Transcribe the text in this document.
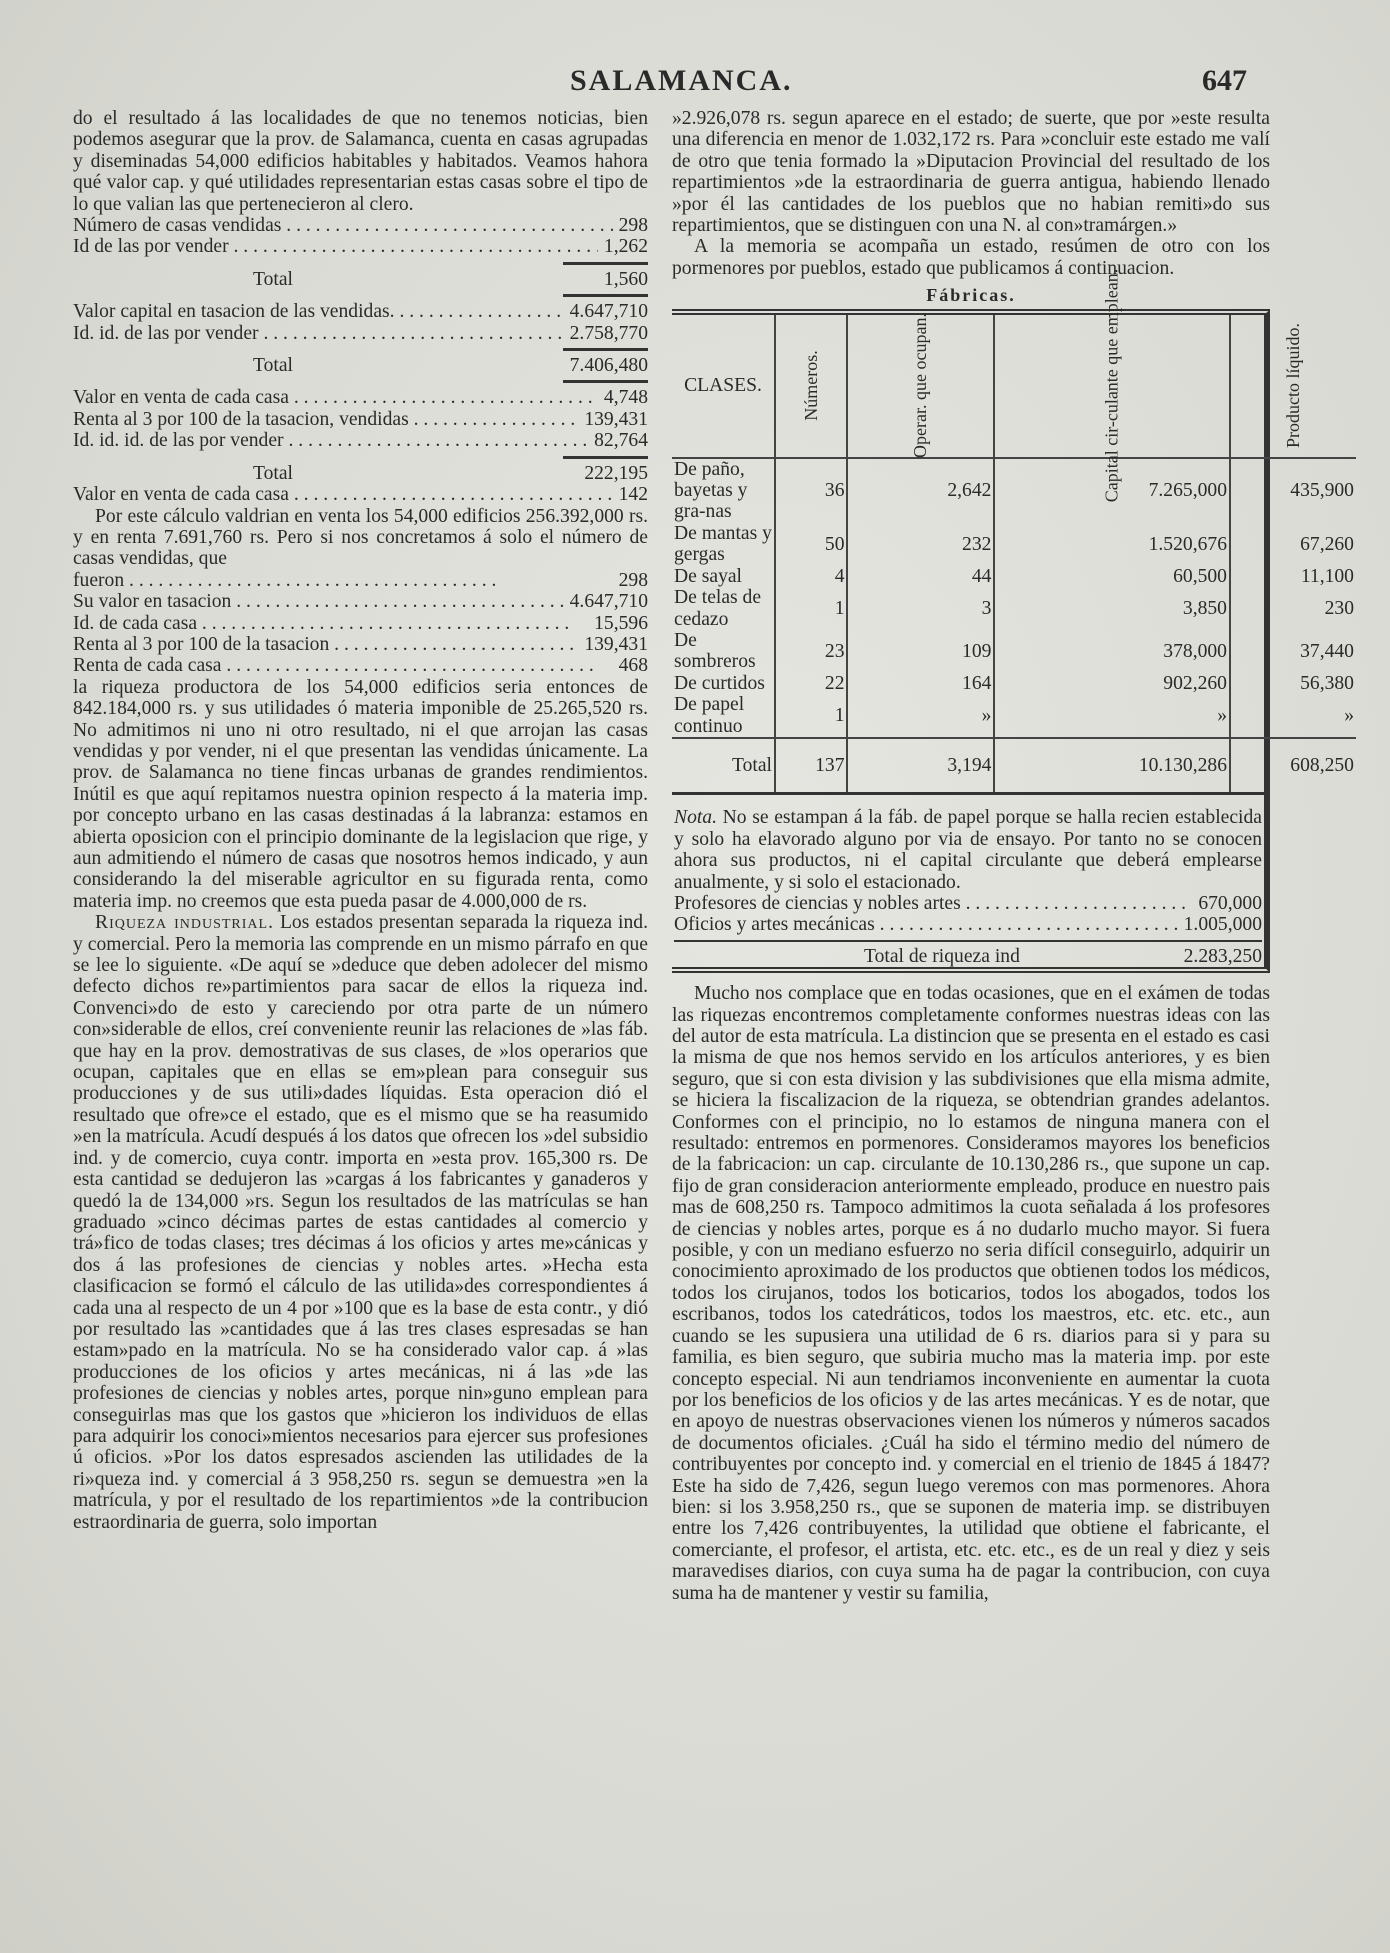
SALAMANCA.	647

do el resultado á las localidades de que no tenemos noticias, bien podemos asegurar que la prov. de Salamanca, cuenta en casas agrupadas y diseminadas 54,000 edificios habitables y habitados. Veamos hahora qué valor cap. y qué utilidades representarian estas casas sobre el tipo de lo que valian las que pertenecieron al clero.

Número de casas vendidas . . .	298
Id de las por vender . . .	1,262
Total	1,560
Valor capital en tasacion de las vendidas. . . .	4.647,710
Id. id. de las por vender . . .	2.758,770
Total	7.406,480
Valor en venta de cada casa . . .	4,748
Renta al 3 por 100 de la tasacion, vendidas . . .	139,431
Id. id. id. de las por vender . . .	82,764
Total	222,195
Valor en venta de cada casa . . .	142

Por este cálculo valdrian en venta los 54,000 edificios 256.392,000 rs. y en renta 7.691,760 rs. Pero si nos concretamos á solo el número de casas vendidas, que

fueron . . .	298
Su valor en tasacion . . .	4.647,710
Id. de cada casa . . .	15,596
Renta al 3 por 100 de la tasacion . . .	139,431
Renta de cada casa . . .	468

la riqueza productora de los 54,000 edificios seria entonces de 842.184,000 rs. y sus utilidades ó materia imponible de 25.265,520 rs. No admitimos ni uno ni otro resultado, ni el que arrojan las casas vendidas y por vender, ni el que presentan las vendidas únicamente. La prov. de Salamanca no tiene fincas urbanas de grandes rendimientos. Inútil es que aquí repitamos nuestra opinion respecto á la materia imp. por concepto urbano en las casas destinadas á la labranza: estamos en abierta oposicion con el principio dominante de la legislacion que rige, y aun admitiendo el número de casas que nosotros hemos indicado, y aun considerando la del miserable agricultor en su figurada renta, como materia imp. no creemos que esta pueda pasar de 4.000,000 de rs.

Riqueza industrial. Los estados presentan separada la riqueza ind. y comercial. Pero la memoria las comprende en un mismo párrafo en que se lee lo siguiente. «De aquí se »deduce que deben adolecer del mismo defecto dichos re»partimientos para sacar de ellos la riqueza ind. Convenci»do de esto y careciendo por otra parte de un número con»siderable de ellos, creí conveniente reunir las relaciones de »las fáb. que hay en la prov. demostrativas de sus clases, de »los operarios que ocupan, capitales que en ellas se em»plean para conseguir sus producciones y de sus utili»dades líquidas. Esta operacion dió el resultado que ofre»ce el estado, que es el mismo que se ha reasumido »en la matrícula. Acudí después á los datos que ofrecen los »del subsidio ind. y de comercio, cuya contr. importa en »esta prov. 165,300 rs. De esta cantidad se dedujeron las »cargas á los fabricantes y ganaderos y quedó la de 134,000 »rs. Segun los resultados de las matrículas se han graduado »cinco décimas partes de estas cantidades al comercio y trá»fico de todas clases; tres décimas á los oficios y artes me»cánicas y dos á las profesiones de ciencias y nobles artes. »Hecha esta clasificacion se formó el cálculo de las utilida»des correspondientes á cada una al respecto de un 4 por »100 que es la base de esta contr., y dió por resultado las »cantidades que á las tres clases espresadas se han estam»pado en la matrícula. No se ha considerado valor cap. á »las producciones de los oficios y artes mecánicas, ni á las »de las profesiones de ciencias y nobles artes, porque nin»guno emplean para conseguirlas mas que los gastos que »hicieron los individuos de ellas para adquirir los conoci»mientos necesarios para ejercer sus profesiones ú oficios. »Por los datos espresados ascienden las utilidades de la ri»queza ind. y comercial á 3 958,250 rs. segun se demuestra »en la matrícula, y por el resultado de los repartimientos »de la contribucion estraordinaria de guerra, solo importan

»2.926,078 rs. segun aparece en el estado; de suerte, que por »este resulta una diferencia en menor de 1.032,172 rs. Para »concluir este estado me valí de otro que tenia formado la »Diputacion Provincial del resultado de los repartimientos »de la estraordinaria de guerra antigua, habiendo llenado »por él las cantidades de los pueblos que no habian remiti»do sus repartimientos, que se distinguen con una N. al con»tramárgen.»

A la memoria se acompaña un estado, resúmen de otro con los pormenores por pueblos, estado que publicamos á continuacion.

Fábricas.
CLASES.	Números.	Operar. que ocupan.	Capital cir-culante que emplean.	Producto líquido.

De paño, bayetas y gra-nas	36	2,642	7.265,000	435,900
De mantas y gergas	50	232	1.520,676	67,260
De sayal	4	44	60,500	11,100
De telas de cedazo	1	3	3,850	230
De sombreros	23	109	378,000	37,440
De curtidos	22	164	902,260	56,380
De papel continuo	1	»	»	»
Total	137	3,194	10.130,286	608,250

Nota. No se estampan á la fáb. de papel porque se halla recien establecida y solo ha elavorado alguno por via de ensayo. Por tanto no se conocen ahora sus productos, ni el capital circulante que deberá emplearse anualmente, y si solo el estacionado.

Profesores de ciencias y nobles artes . . .	670,000
Oficios y artes mecánicas . . .	1.005,000
Total de riqueza ind	2.283,250

Mucho nos complace que en todas ocasiones, que en el exámen de todas las riquezas encontremos completamente conformes nuestras ideas con las del autor de esta matrícula. La distincion que se presenta en el estado es casi la misma de que nos hemos servido en los artículos anteriores, y es bien seguro, que si con esta division y las subdivisiones que ella misma admite, se hiciera la fiscalizacion de la riqueza, se obtendrian grandes adelantos. Conformes con el principio, no lo estamos de ninguna manera con el resultado: entremos en pormenores. Consideramos mayores los beneficios de la fabricacion: un cap. circulante de 10.130,286 rs., que supone un cap. fijo de gran consideracion anteriormente empleado, produce en nuestro pais mas de 608,250 rs. Tampoco admitimos la cuota señalada á los profesores de ciencias y nobles artes, porque es á no dudarlo mucho mayor. Si fuera posible, y con un mediano esfuerzo no seria difícil conseguirlo, adquirir un conocimiento aproximado de los productos que obtienen todos los médicos, todos los cirujanos, todos los boticarios, todos los abogados, todos los escribanos, todos los catedráticos, todos los maestros, etc. etc. etc., aun cuando se les supusiera una utilidad de 6 rs. diarios para si y para su familia, es bien seguro, que subiria mucho mas la materia imp. por este concepto especial. Ni aun tendriamos inconveniente en aumentar la cuota por los beneficios de los oficios y de las artes mecánicas. Y es de notar, que en apoyo de nuestras observaciones vienen los números y números sacados de documentos oficiales. ¿Cuál ha sido el término medio del número de contribuyentes por concepto ind. y comercial en el trienio de 1845 á 1847? Este ha sido de 7,426, segun luego veremos con mas pormenores. Ahora bien: si los 3.958,250 rs., que se suponen de materia imp. se distribuyen entre los 7,426 contribuyentes, la utilidad que obtiene el fabricante, el comerciante, el profesor, el artista, etc. etc. etc., es de un real y diez y seis maravedises diarios, con cuya suma ha de pagar la contribucion, con cuya suma ha de mantener y vestir su familia,
